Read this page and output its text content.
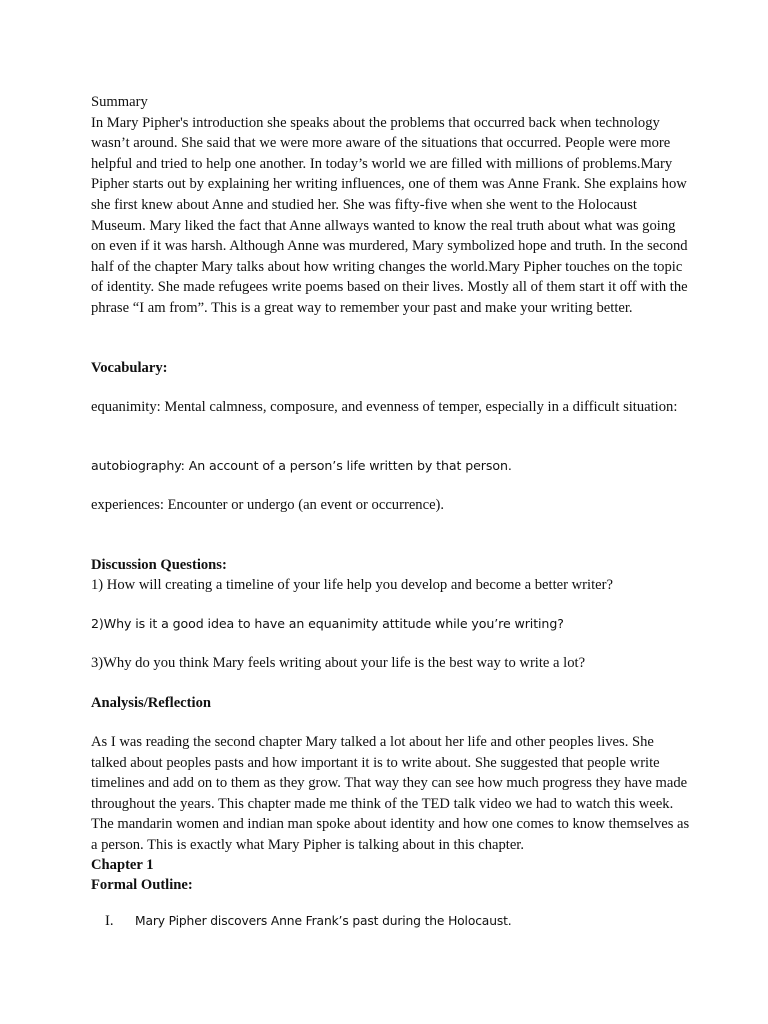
Summary

In Mary Pipher's introduction she speaks about the problems that occurred back when technology wasn’t around. She said that we were more aware of the situations that occurred. People were more helpful and tried to help one another. In today’s world we are filled with millions of problems.Mary Pipher starts out by explaining her writing influences, one of them was Anne Frank. She explains how she first knew about Anne and studied her. She was fifty-five when she went to the Holocaust Museum. Mary liked the fact that Anne allways wanted to know the real truth about what was going on even if it was harsh. Although Anne was murdered, Mary symbolized hope and truth. In the second half of the chapter Mary talks about how writing changes the world.Mary Pipher touches on the topic of identity. She made refugees write poems based on their lives. Mostly all of them start it off with the phrase “I am from”. This is a great way to remember your past and make your writing better.

Vocabulary:

equanimity: Mental calmness, composure, and evenness of temper, especially in a difficult situation:

autobiography: An account of a person’s life written by that person.

experiences: Encounter or undergo (an event or occurrence).

Discussion Questions:

1) How will creating a timeline of your life help you develop and become a better writer?

2)Why is it a good idea to have an equanimity attitude while you’re writing?

3)Why do you think Mary feels writing about your life is the best way to write a lot?

Analysis/Reflection

As I was reading the second chapter Mary talked a lot about her life and other peoples lives. She talked about peoples pasts and how important it is to write about. She suggested that people write timelines and add on to them as they grow. That way they can see how much progress they have made throughout the years. This chapter made me think of the TED talk video we had to watch this week. The mandarin women and indian man spoke about identity and how one comes to know themselves as a person. This is exactly what Mary Pipher is talking about in this chapter.

Chapter 1

Formal Outline:

I.	Mary Pipher discovers Anne Frank’s past during the Holocaust.
